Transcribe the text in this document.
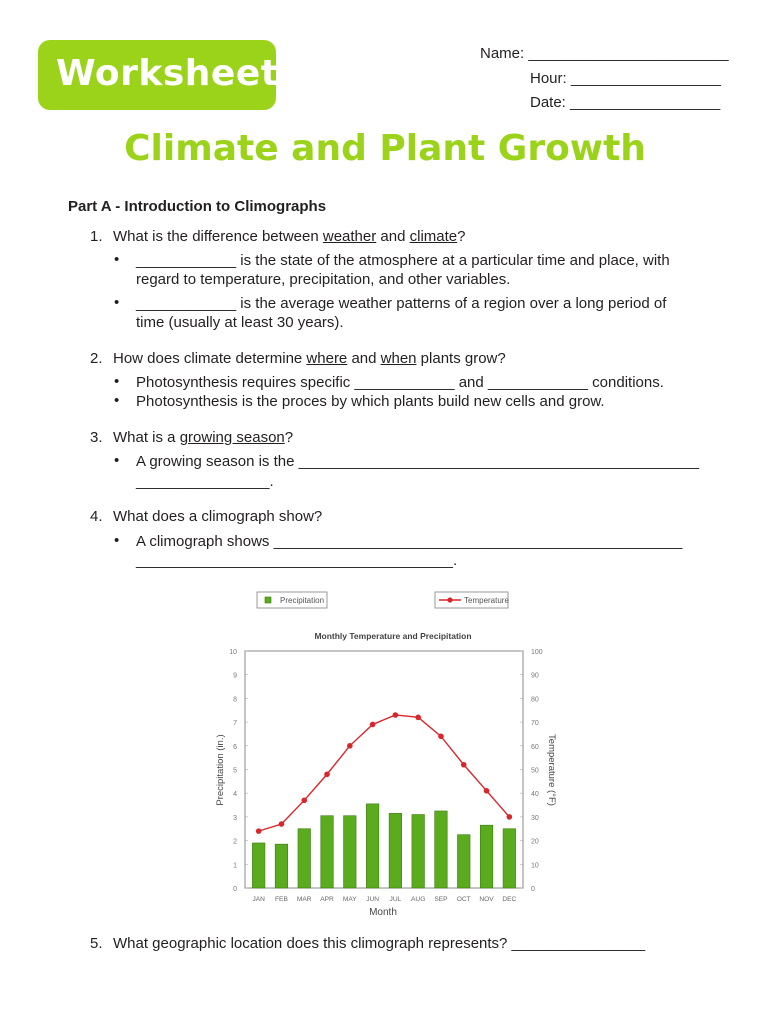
Worksheet	Name: ________________________
Hour: __________________
Date: __________________
Climate and Plant Growth
Part A - Introduction to Climographs
1. What is the difference between weather and climate?
• ____________ is the state of the atmosphere at a particular time and place, with
regard to temperature, precipitation, and other variables.
• ____________ is the average weather patterns of a region over a long period of
time (usually at least 30 years).
2. How does climate determine where and when plants grow?
• Photosynthesis requires specific ____________ and ____________ conditions.
• Photosynthesis is the proces by which plants build new cells and grow.
3. What is a growing season?
• A growing season is the ________________________________________________
________________.
4. What does a climograph show?
• A climograph shows _________________________________________________
______________________________________.
Precipitation	Temperature
Monthly Temperature and Precipitation
Month
Precipitation (in.)	Temperature (°F)
0
1
2
3
4
5
6
7
8
9
10
0
10
20
30
40
50
60
70
80
90
100
JAN FEB MAR APR MAY JUN JUL AUG SEP OCT NOV DEC
5. What geographic location does this climograph represents? ________________
